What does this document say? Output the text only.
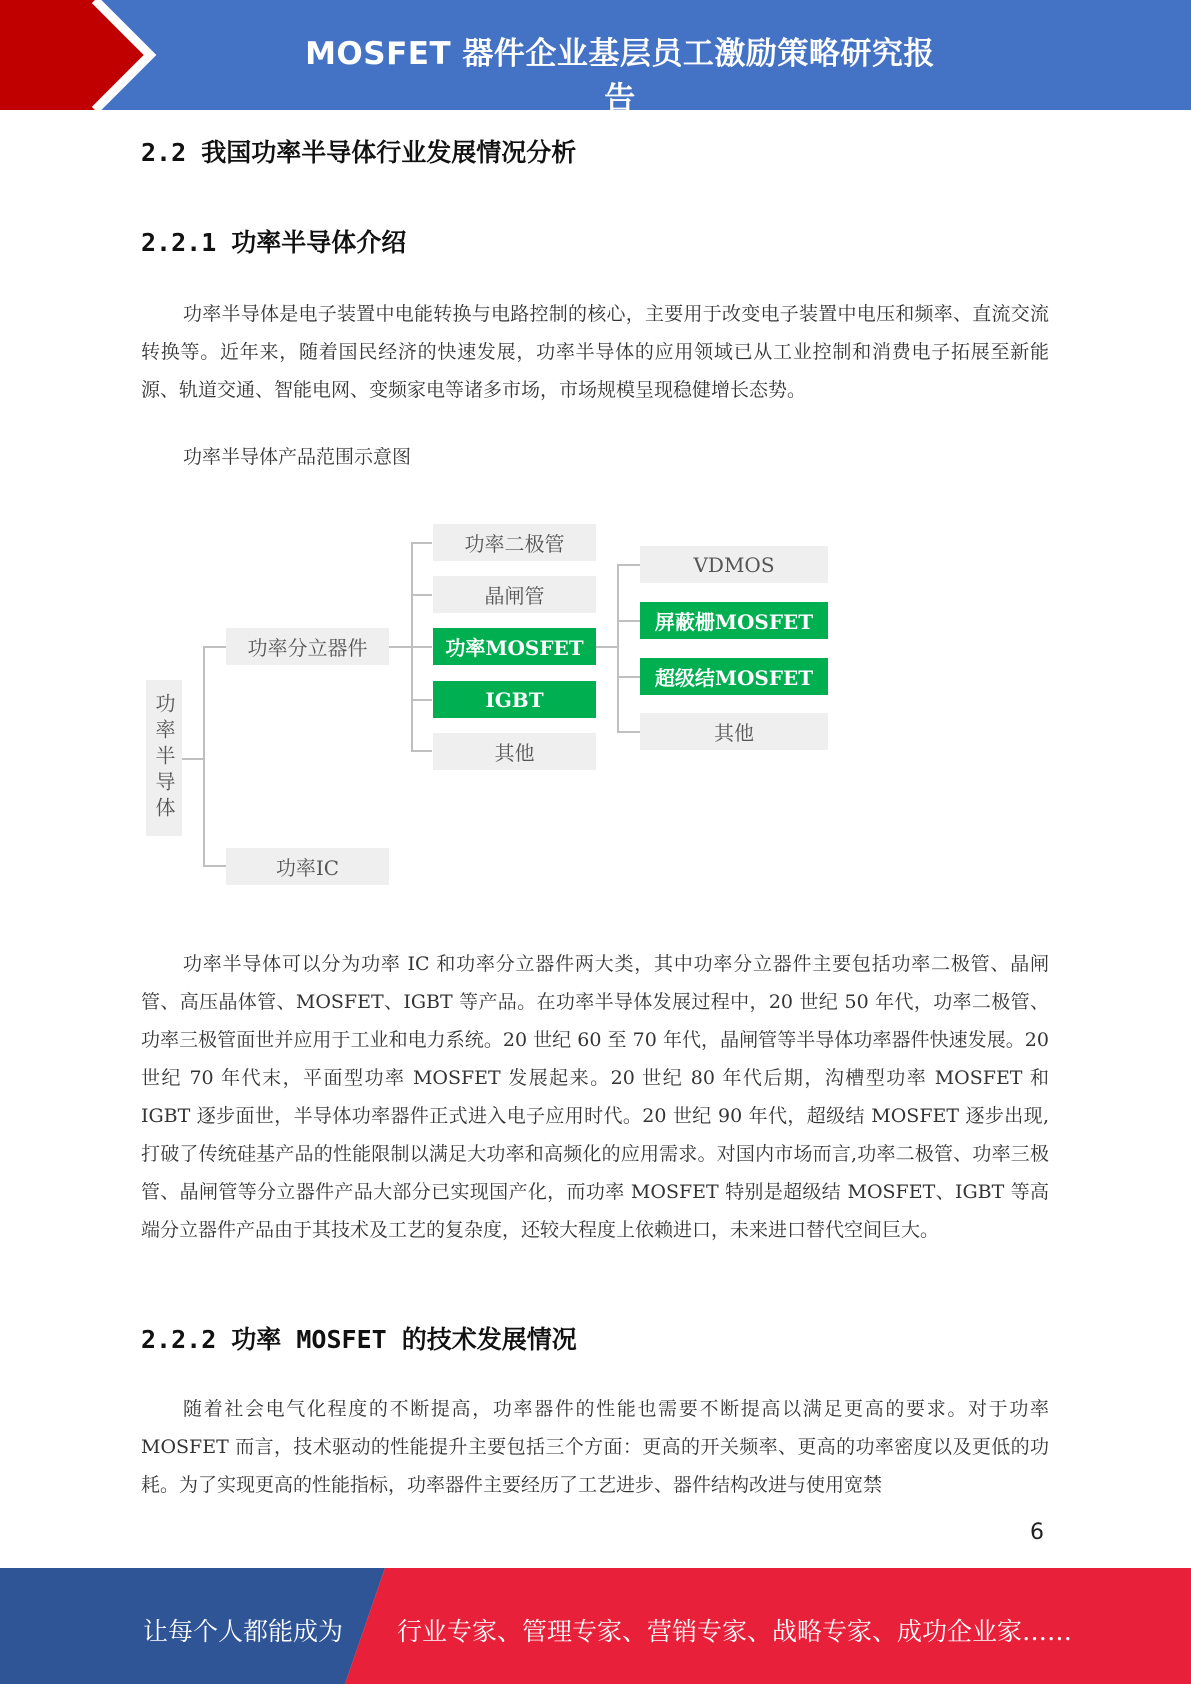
MOSFET 器件企业基层员工激励策略研究报告
2.2 我国功率半导体行业发展情况分析
2.2.1 功率半导体介绍

功率半导体是电子装置中电能转换与电路控制的核心，主要用于改变电子装置中电压和频率、直流交流转换等。近年来，随着国民经济的快速发展，功率半导体的应用领域已从工业控制和消费电子拓展至新能源、轨道交通、智能电网、变频家电等诸多市场，市场规模呈现稳健增长态势。

功率半导体产品范围示意图
功率半导体
功率分立器件
功率IC
功率二极管
晶闸管
功率MOSFET
IGBT
其他
VDMOS
屏蔽栅MOSFET
超级结MOSFET
其他

功率半导体可以分为功率 IC 和功率分立器件两大类，其中功率分立器件主要包括功率二极管、晶闸管、高压晶体管、MOSFET、IGBT 等产品。在功率半导体发展过程中，20 世纪 50 年代，功率二极管、功率三极管面世并应用于工业和电力系统。20 世纪 60 至 70 年代，晶闸管等半导体功率器件快速发展。20 世纪 70 年代末，平面型功率 MOSFET 发展起来。20 世纪 80 年代后期，沟槽型功率 MOSFET 和 IGBT 逐步面世，半导体功率器件正式进入电子应用时代。20 世纪 90 年代，超级结 MOSFET 逐步出现,打破了传统硅基产品的性能限制以满足大功率和高频化的应用需求。对国内市场而言,功率二极管、功率三极管、晶闸管等分立器件产品大部分已实现国产化，而功率 MOSFET 特别是超级结 MOSFET、IGBT 等高端分立器件产品由于其技术及工艺的复杂度，还较大程度上依赖进口，未来进口替代空间巨大。

2.2.2 功率 MOSFET 的技术发展情况

随着社会电气化程度的不断提高，功率器件的性能也需要不断提高以满足更高的要求。对于功率 MOSFET 而言，技术驱动的性能提升主要包括三个方面：更高的开关频率、更高的功率密度以及更低的功耗。为了实现更高的性能指标，功率器件主要经历了工艺进步、器件结构改进与使用宽禁

6
让每个人都能成为 行业专家、管理专家、营销专家、战略专家、成功企业家……
